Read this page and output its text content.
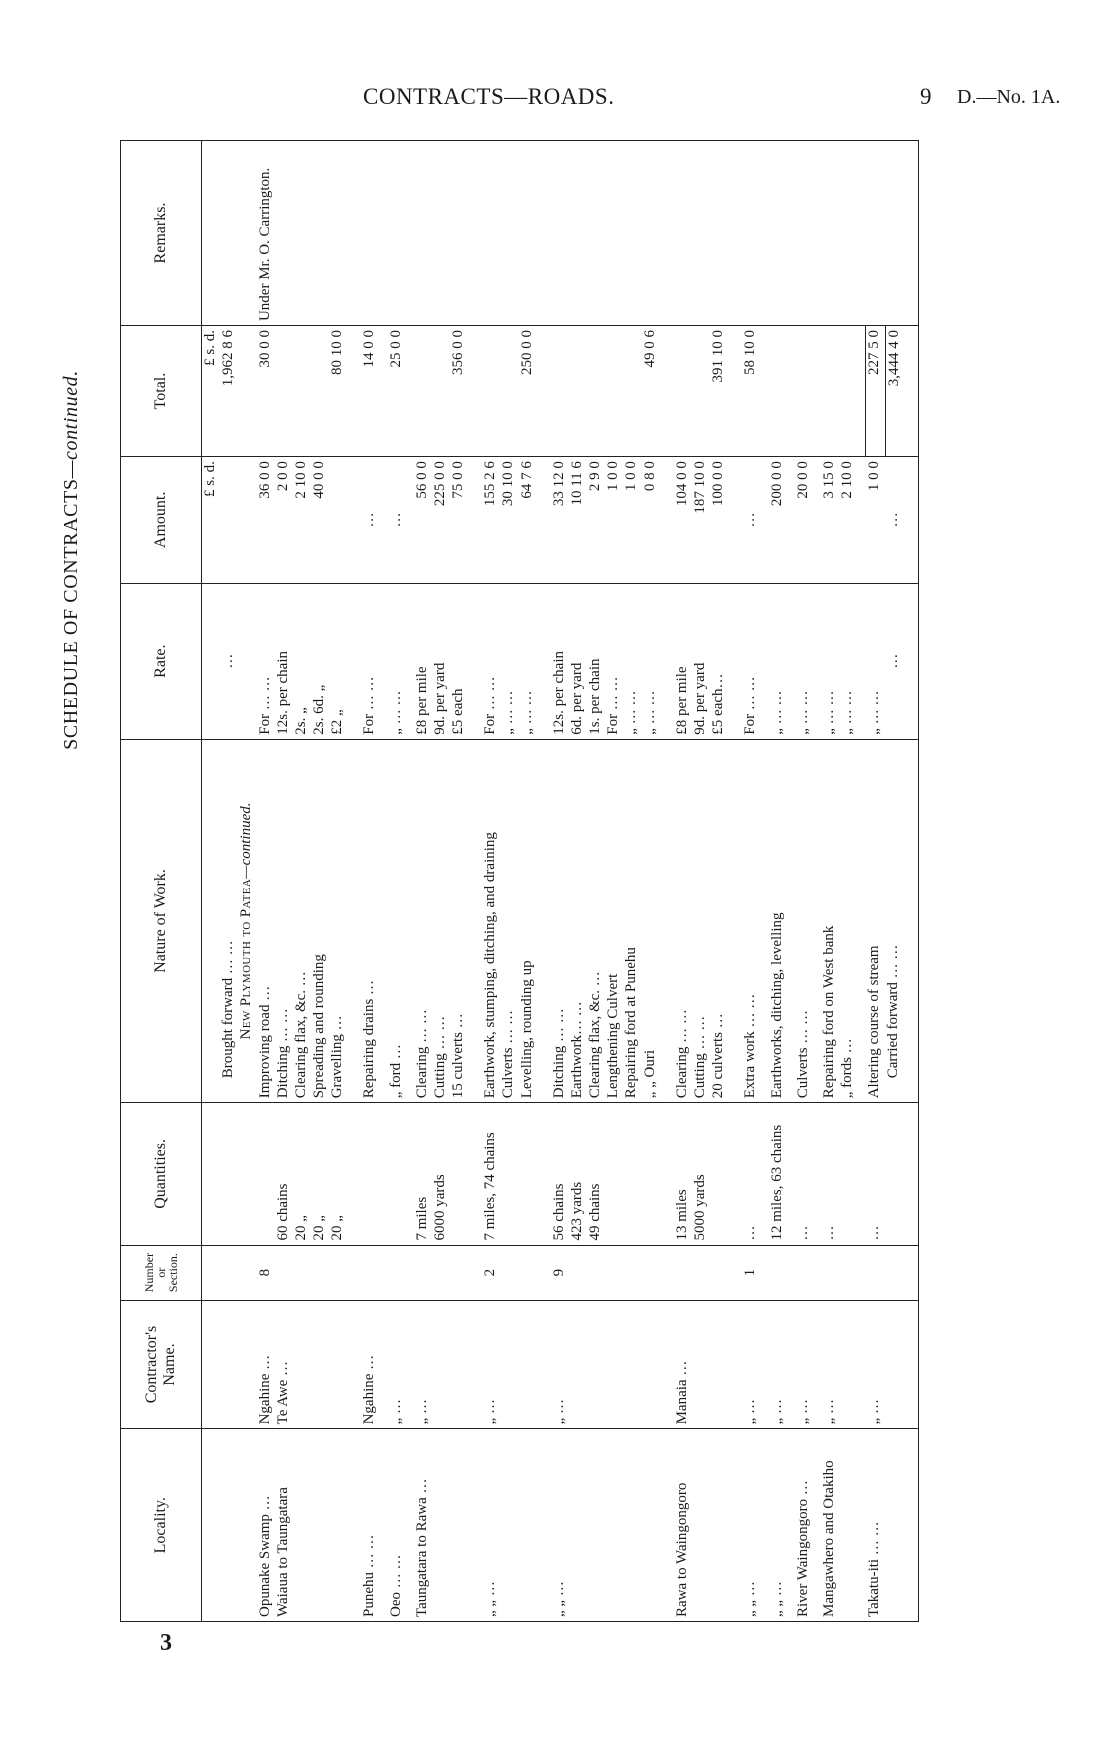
CONTRACTS—ROADS.	9 D.—No. 1A.
SCHEDULE OF CONTRACTS—continued.
3
Locality.	Contractor's Name.	Number or Section.	Quantities.	Nature of Work.	Rate.	Amount.	Total.	Remarks.
						£ s. d.	£ s. d.	
				Brought forward … …	…		1,962 8 6	
				New Plymouth to Patea—continued.				
Opunake Swamp …	Ngahine …	8		Improving road …	For … …	36 0 0	30 0 0	Under Mr. O. Carrington.
Waiaua to Taungatara	Te Awe …		60 chains	Ditching … …	12s. per chain	2 0 0		
			20 „	Clearing flax, &c. …	2s. „	2 10 0		
			20 „	Spreading and rounding	2s. 6d. „	40 0 0		
			20 „	Gravelling …	£2 „		80 10 0	

Punehu … …	Ngahine …			Repairing drains …	For … …	…	14 0 0	

Oeo … …	„ …			„ ford …	„ … …	…	25 0 0	

Taungatara to Rawa …	„ …		7 miles	Clearing … …	£8 per mile	56 0 0		
			6000 yards	Cutting … …	9d. per yard	225 0 0		
				15 culverts …	£5 each	75 0 0	356 0 0	

„ „ …	„ …	2	7 miles, 74 chains	Earthwork, stumping, ditching, and draining	For … …	155 2 6		
				Culverts … …	„ … …	30 10 0		
				Levelling, rounding up	„ … …	64 7 6	250 0 0	

„ „ …	„ …	9	56 chains	Ditching … …	12s. per chain	33 12 0		
			423 yards	Earthwork… …	6d. per yard	10 11 6		
			49 chains	Clearing flax, &c. …	1s. per chain	2 9 0		
				Lengthening Culvert	For … …	1 0 0		
				Repairing ford at Punehu	„ … …	1 0 0		
				„ „ Ouri	„ … …	0 8 0	49 0 6	

Rawa to Waingongoro	Manaia …		13 miles	Clearing … …	£8 per mile	104 0 0		
			5000 yards	Cutting … …	9d. per yard	187 10 0		
				20 culverts …	£5 each…	100 0 0	391 10 0	

„ „ …	„ …	1	…	Extra work … …	For … …	…	58 10 0	

„ „ …	„ …		12 miles, 63 chains	Earthworks, ditching, levelling	„ … …	200 0 0		

River Waingongoro …	„ …		…	Culverts … …	„ … …	20 0 0		

Mangawhero and Otakiho	„ …		…	Repairing ford on West bank	„ … …	3 15 0		
				„ fords …	„ … …	2 10 0		

Takatu-iti … …	„ …		…	Altering course of stream	„ … …	1 0 0	227 5 0	
				Carried forward … …	…	…	3,444 4 0	
